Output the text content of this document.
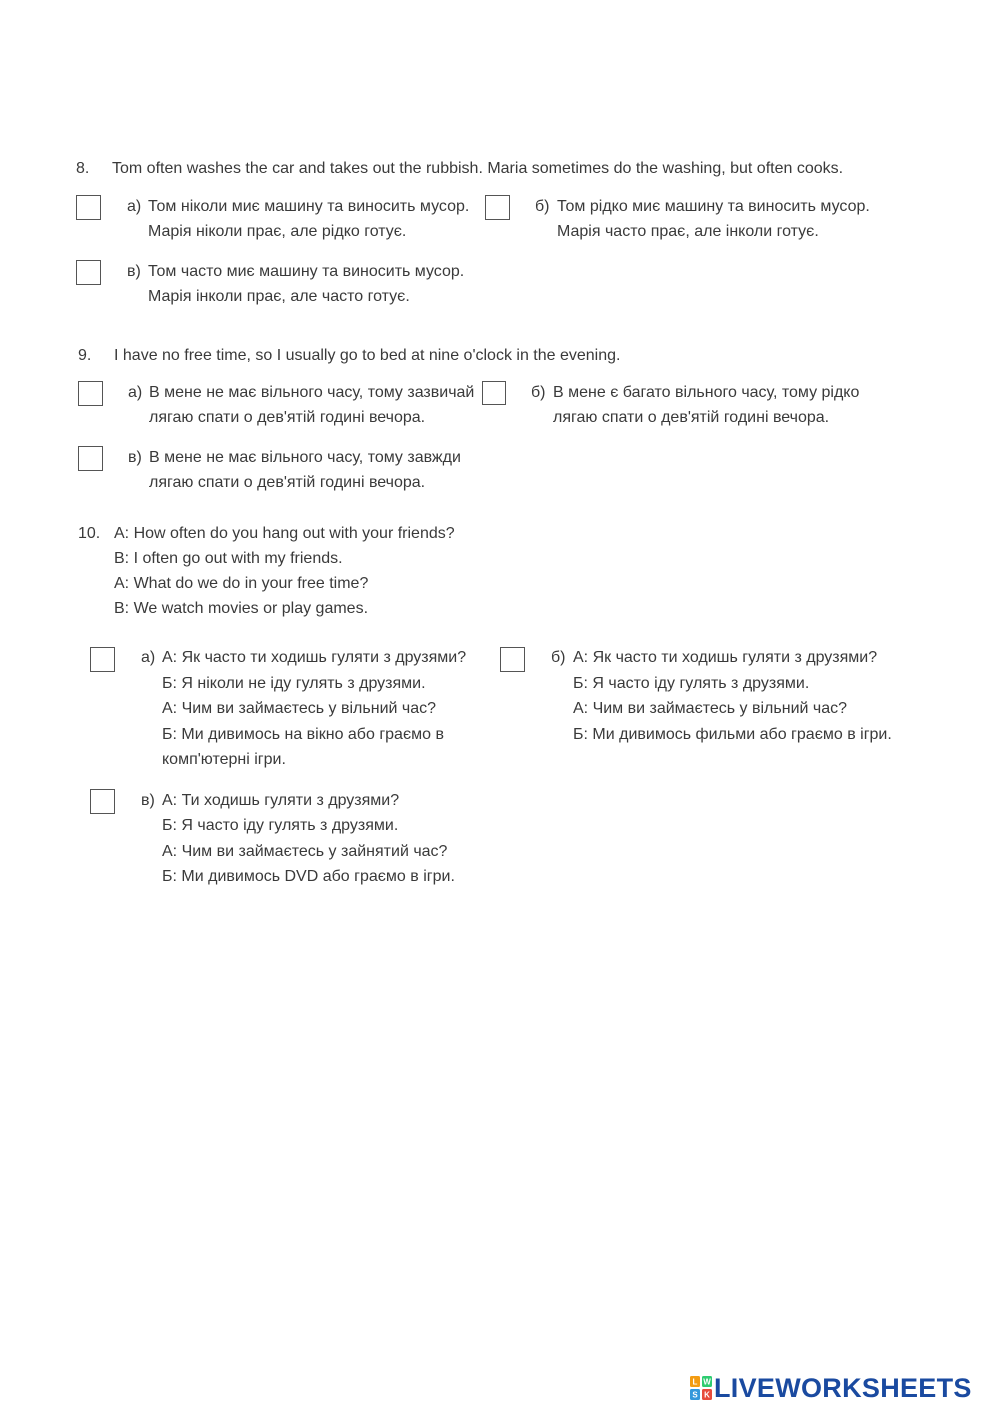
8. Tom often washes the car and takes out the rubbish. Maria sometimes do the washing, but often cooks.
а) Том ніколи миє машину та виносить мусор.
Марія ніколи прає, але рідко готує.
б) Том рідко миє машину та виносить мусор.
Марія часто прає, але інколи готує.
в) Том часто миє машину та виносить мусор.
Марія інколи прає, але часто готує.
9. I have no free time, so I usually go to bed at nine o'clock in the evening.
а) В мене не має вільного часу, тому зазвичай
лягаю спати о дев'ятій годині вечора.
б) В мене є багато вільного часу, тому рідко
лягаю спати о дев'ятій годині вечора.
в) В мене не має вільного часу, тому завжди
лягаю спати о дев'ятій годині вечора.
10. A: How often do you hang out with your friends?
B: I often go out with my friends.
A: What do we do in your free time?
B: We watch movies or play games.
а) А: Як часто ти ходишь гуляти з друзями?
Б: Я ніколи не іду гулять з друзями.
А: Чим ви займаєтесь у вільний час?
Б: Ми дивимось на вікно або граємо в
комп'ютерні ігри.
б) А: Як часто ти ходишь гуляти з друзями?
Б: Я часто іду гулять з друзями.
А: Чим ви займаєтесь у вільний час?
Б: Ми дивимось фильми або граємо в ігри.
в) А: Ти ходишь гуляти з друзями?
Б: Я часто іду гулять з друзями.
А: Чим ви займаєтесь у зайнятий час?
Б: Ми дивимось DVD або граємо в ігри.
L W
S K LIVEWORKSHEETS
